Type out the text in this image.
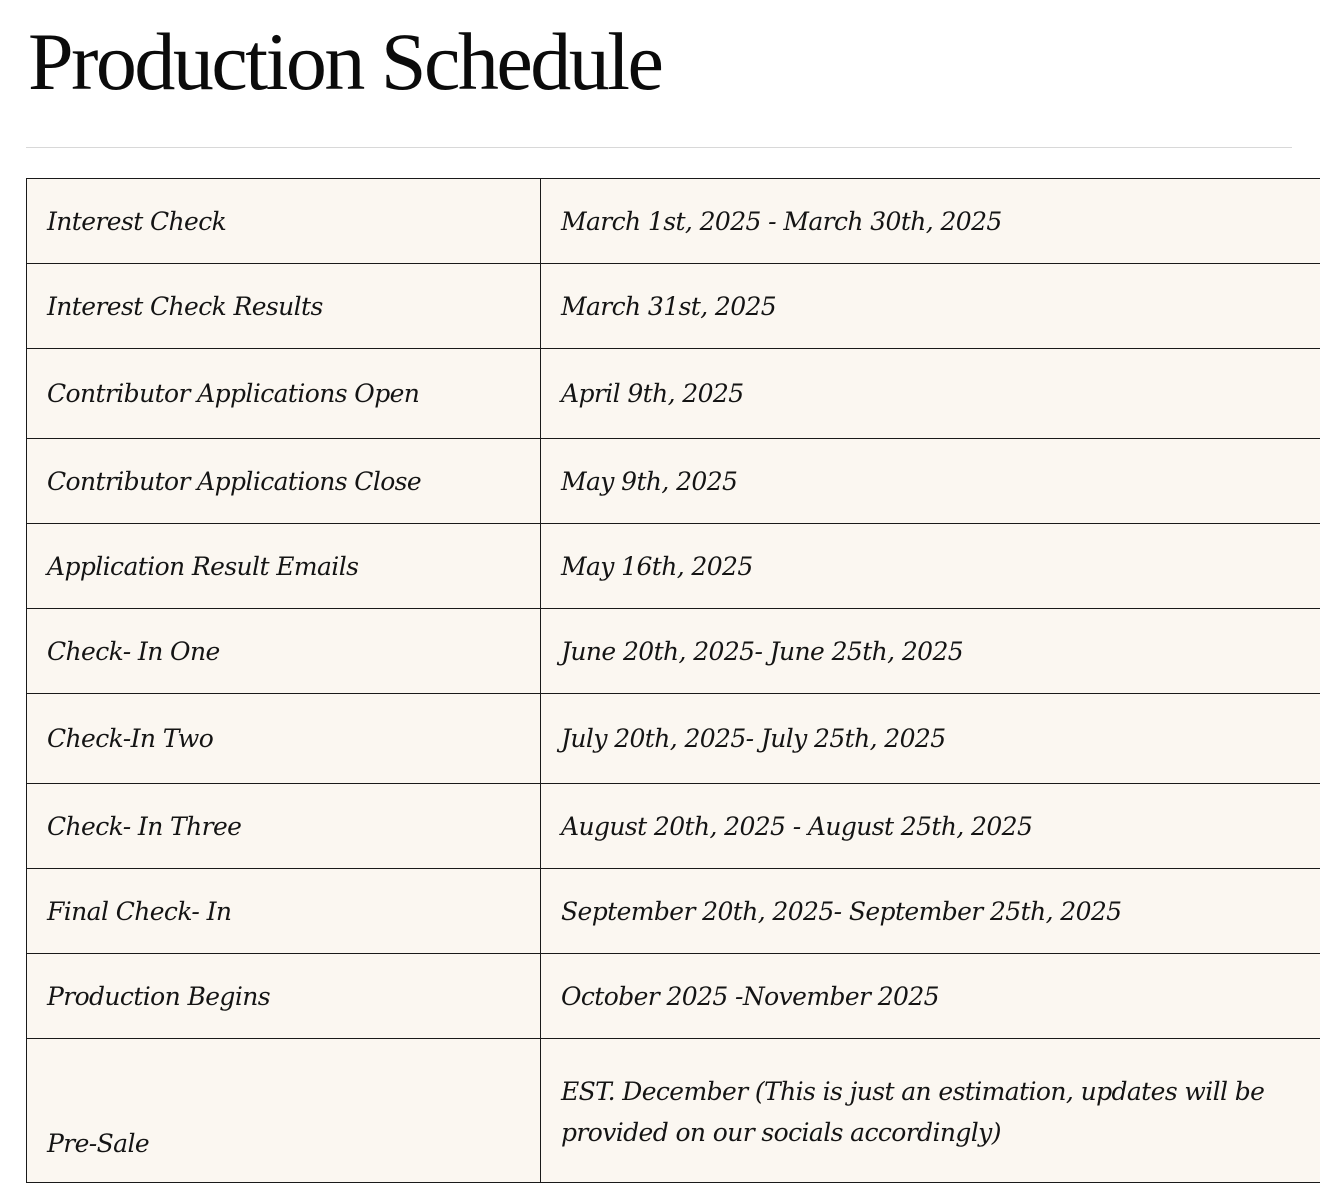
Production Schedule
Interest Check	March 1st, 2025 - March 30th, 2025
Interest Check Results	March 31st, 2025
Contributor Applications Open	April 9th, 2025
Contributor Applications Close	May 9th, 2025
Application Result Emails	May 16th, 2025
Check- In One	June 20th, 2025- June 25th, 2025
Check-In Two	July 20th, 2025- July 25th, 2025
Check- In Three	August 20th, 2025 - August 25th, 2025
Final Check- In	September 20th, 2025- September 25th, 2025
Production Begins	October 2025 -November 2025
Pre-Sale	EST. December (This is just an estimation, updates will be provided on our socials accordingly)
